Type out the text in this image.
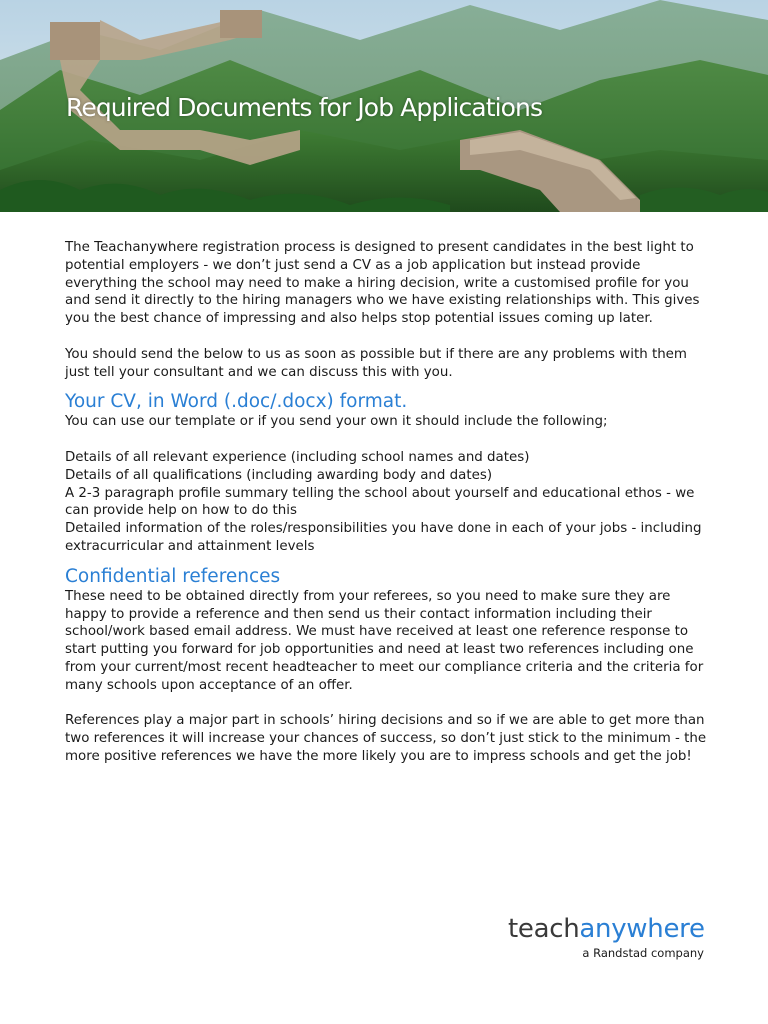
Required Documents for Job Applications

The Teachanywhere registration process is designed to present candidates in the best light to potential employers - we don’t just send a CV as a job application but instead provide everything the school may need to make a hiring decision, write a customised profile for you and send it directly to the hiring managers who we have existing relationships with. This gives you the best chance of impressing and also helps stop potential issues coming up later.

You should send the below to us as soon as possible but if there are any problems with them just tell your consultant and we can discuss this with you.

Your CV, in Word (.doc/.docx) format.

You can use our template or if you send your own it should include the following;

Details of all relevant experience (including school names and dates)
Details of all qualifications (including awarding body and dates)
A 2-3 paragraph profile summary telling the school about yourself and educational ethos - we can provide help on how to do this
Detailed information of the roles/responsibilities you have done in each of your jobs - including extracurricular and attainment levels

Confidential references

These need to be obtained directly from your referees, so you need to make sure they are happy to provide a reference and then send us their contact information including their school/work based email address. We must have received at least one reference response to start putting you forward for job opportunities and need at least two references including one from your current/most recent headteacher to meet our compliance criteria and the criteria for many schools upon acceptance of an offer.

References play a major part in schools’ hiring decisions and so if we are able to get more than two references it will increase your chances of success, so don’t just stick to the minimum - the more positive references we have the more likely you are to impress schools and get the job!

teachanywhere
a Randstad company
